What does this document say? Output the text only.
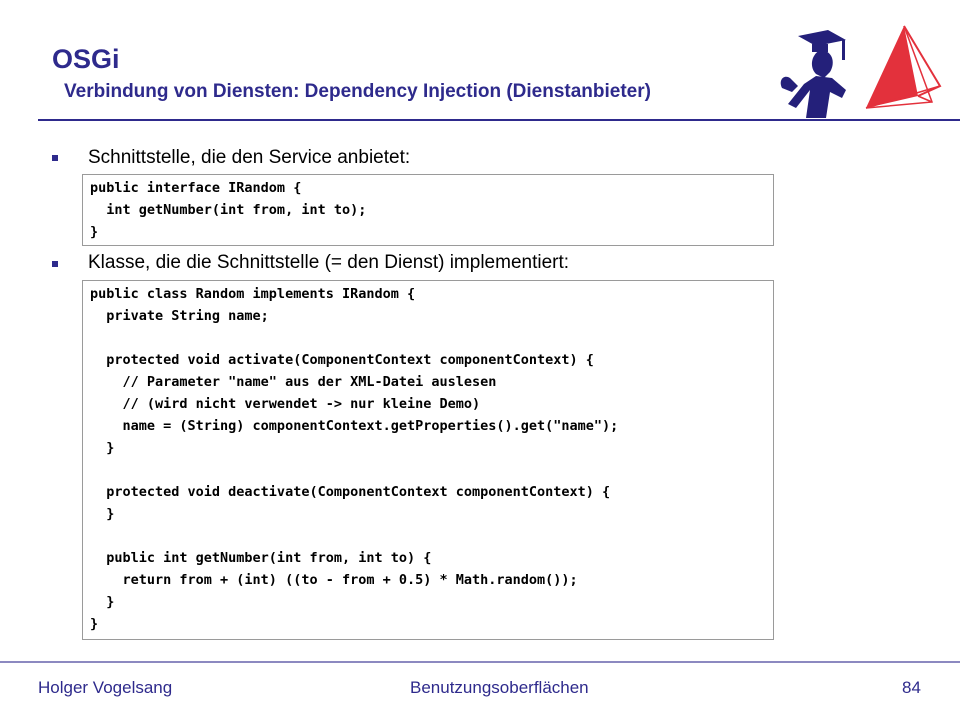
OSGi
Verbindung von Diensten: Dependency Injection (Dienstanbieter)
Schnittstelle, die den Service anbietet:
public interface IRandom {
int getNumber(int from, int to);
}
Klasse, die die Schnittstelle (= den Dienst) implementiert:
public class Random implements IRandom {
private String name;
protected void activate(ComponentContext componentContext) {
// Parameter "name" aus der XML-Datei auslesen
// (wird nicht verwendet -> nur kleine Demo)
name = (String) componentContext.getProperties().get("name");
}
protected void deactivate(ComponentContext componentContext) {
}
public int getNumber(int from, int to) {
return from + (int) ((to - from + 0.5) * Math.random());
}
}
Holger Vogelsang	Benutzungsoberflächen	84
